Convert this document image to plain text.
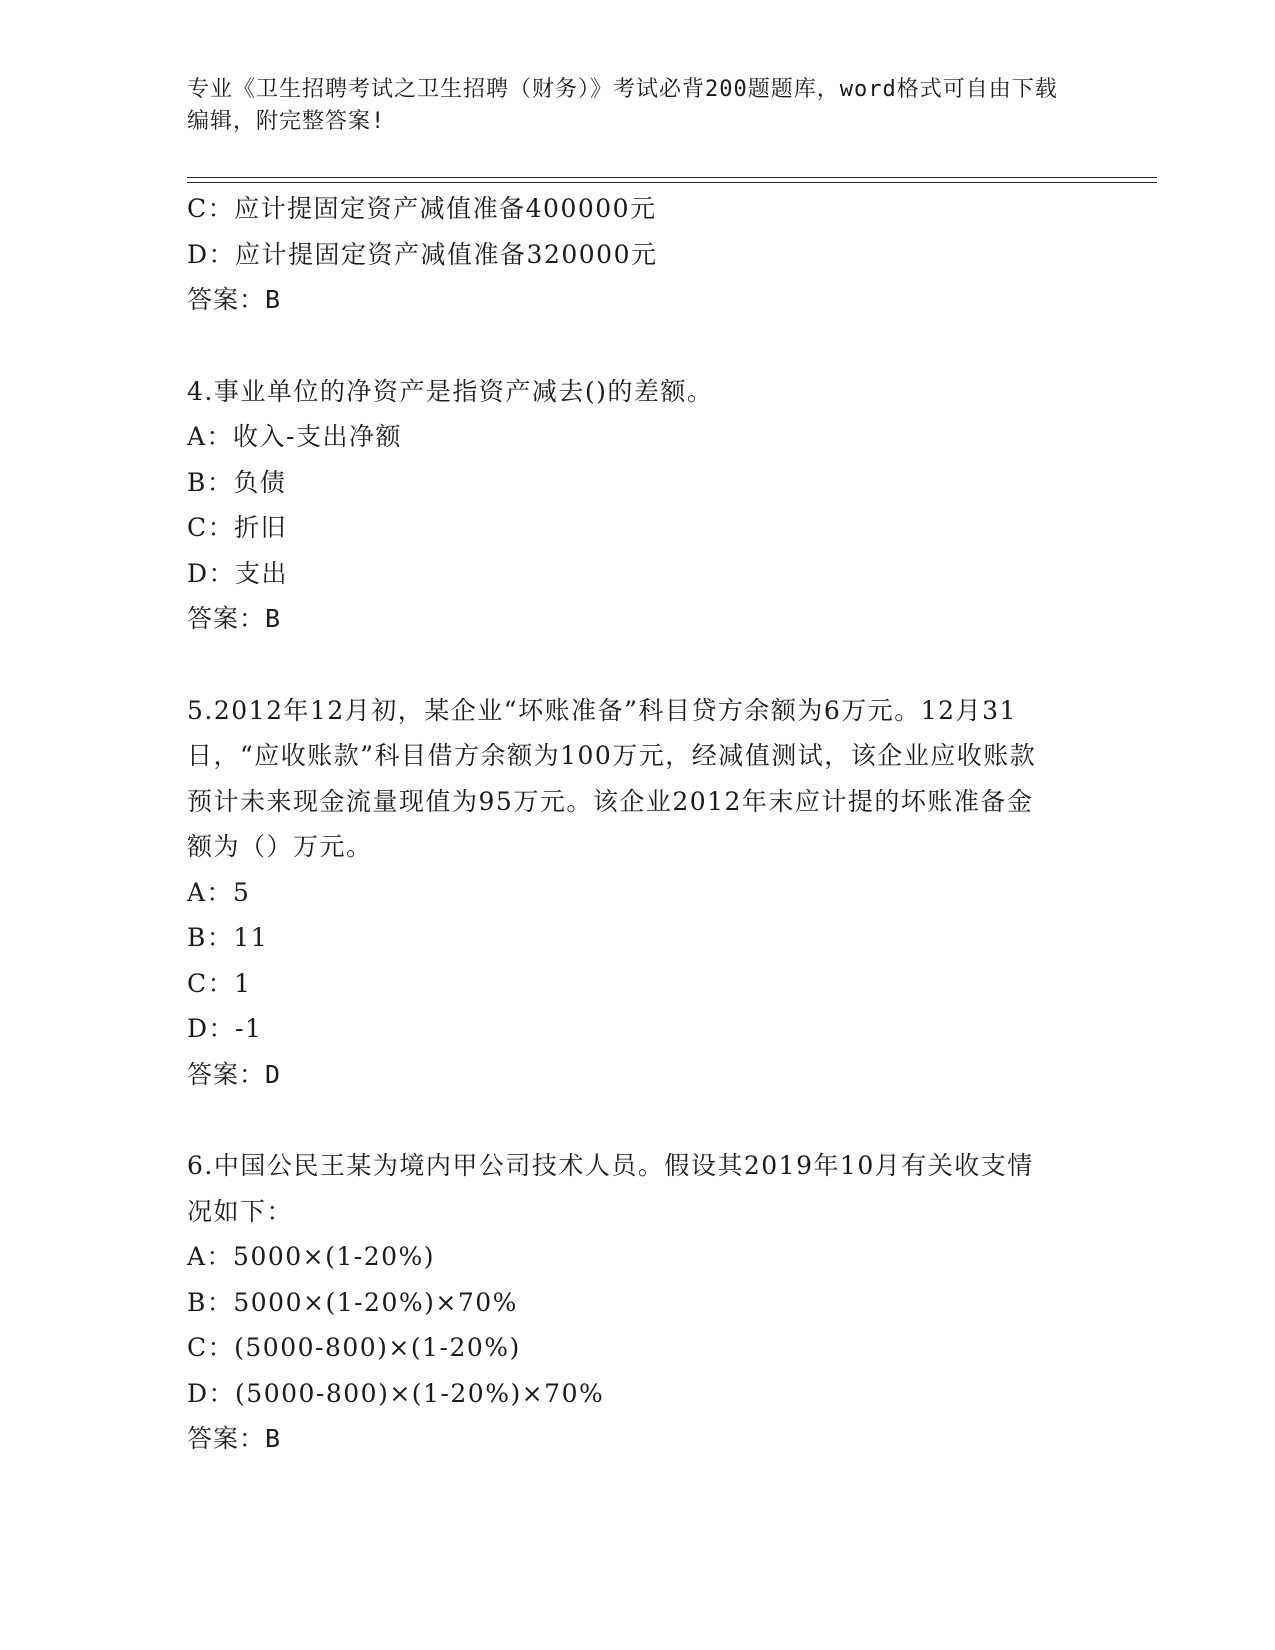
专业《卫生招聘考试之卫生招聘（财务）》考试必背200题题库，word格式可自由下载编辑，附完整答案!
C：应计提固定资产减值准备400000元
D：应计提固定资产减值准备320000元
答案：B
4.事业单位的净资产是指资产减去()的差额。
A：收入-支出净额
B：负债
C：折旧
D：支出
答案：B
5.2012年12月初，某企业“坏账准备”科目贷方余额为6万元。12月31日，“应收账款”科目借方余额为100万元，经减值测试，该企业应收账款预计未来现金流量现值为95万元。该企业2012年末应计提的坏账准备金额为（）万元。
A：5
B：11
C：1
D：-1
答案：D
6.中国公民王某为境内甲公司技术人员。假设其2019年10月有关收支情况如下：
A：5000×(1-20%)
B：5000×(1-20%)×70%
C：(5000-800)×(1-20%)
D：(5000-800)×(1-20%)×70%
答案：B
